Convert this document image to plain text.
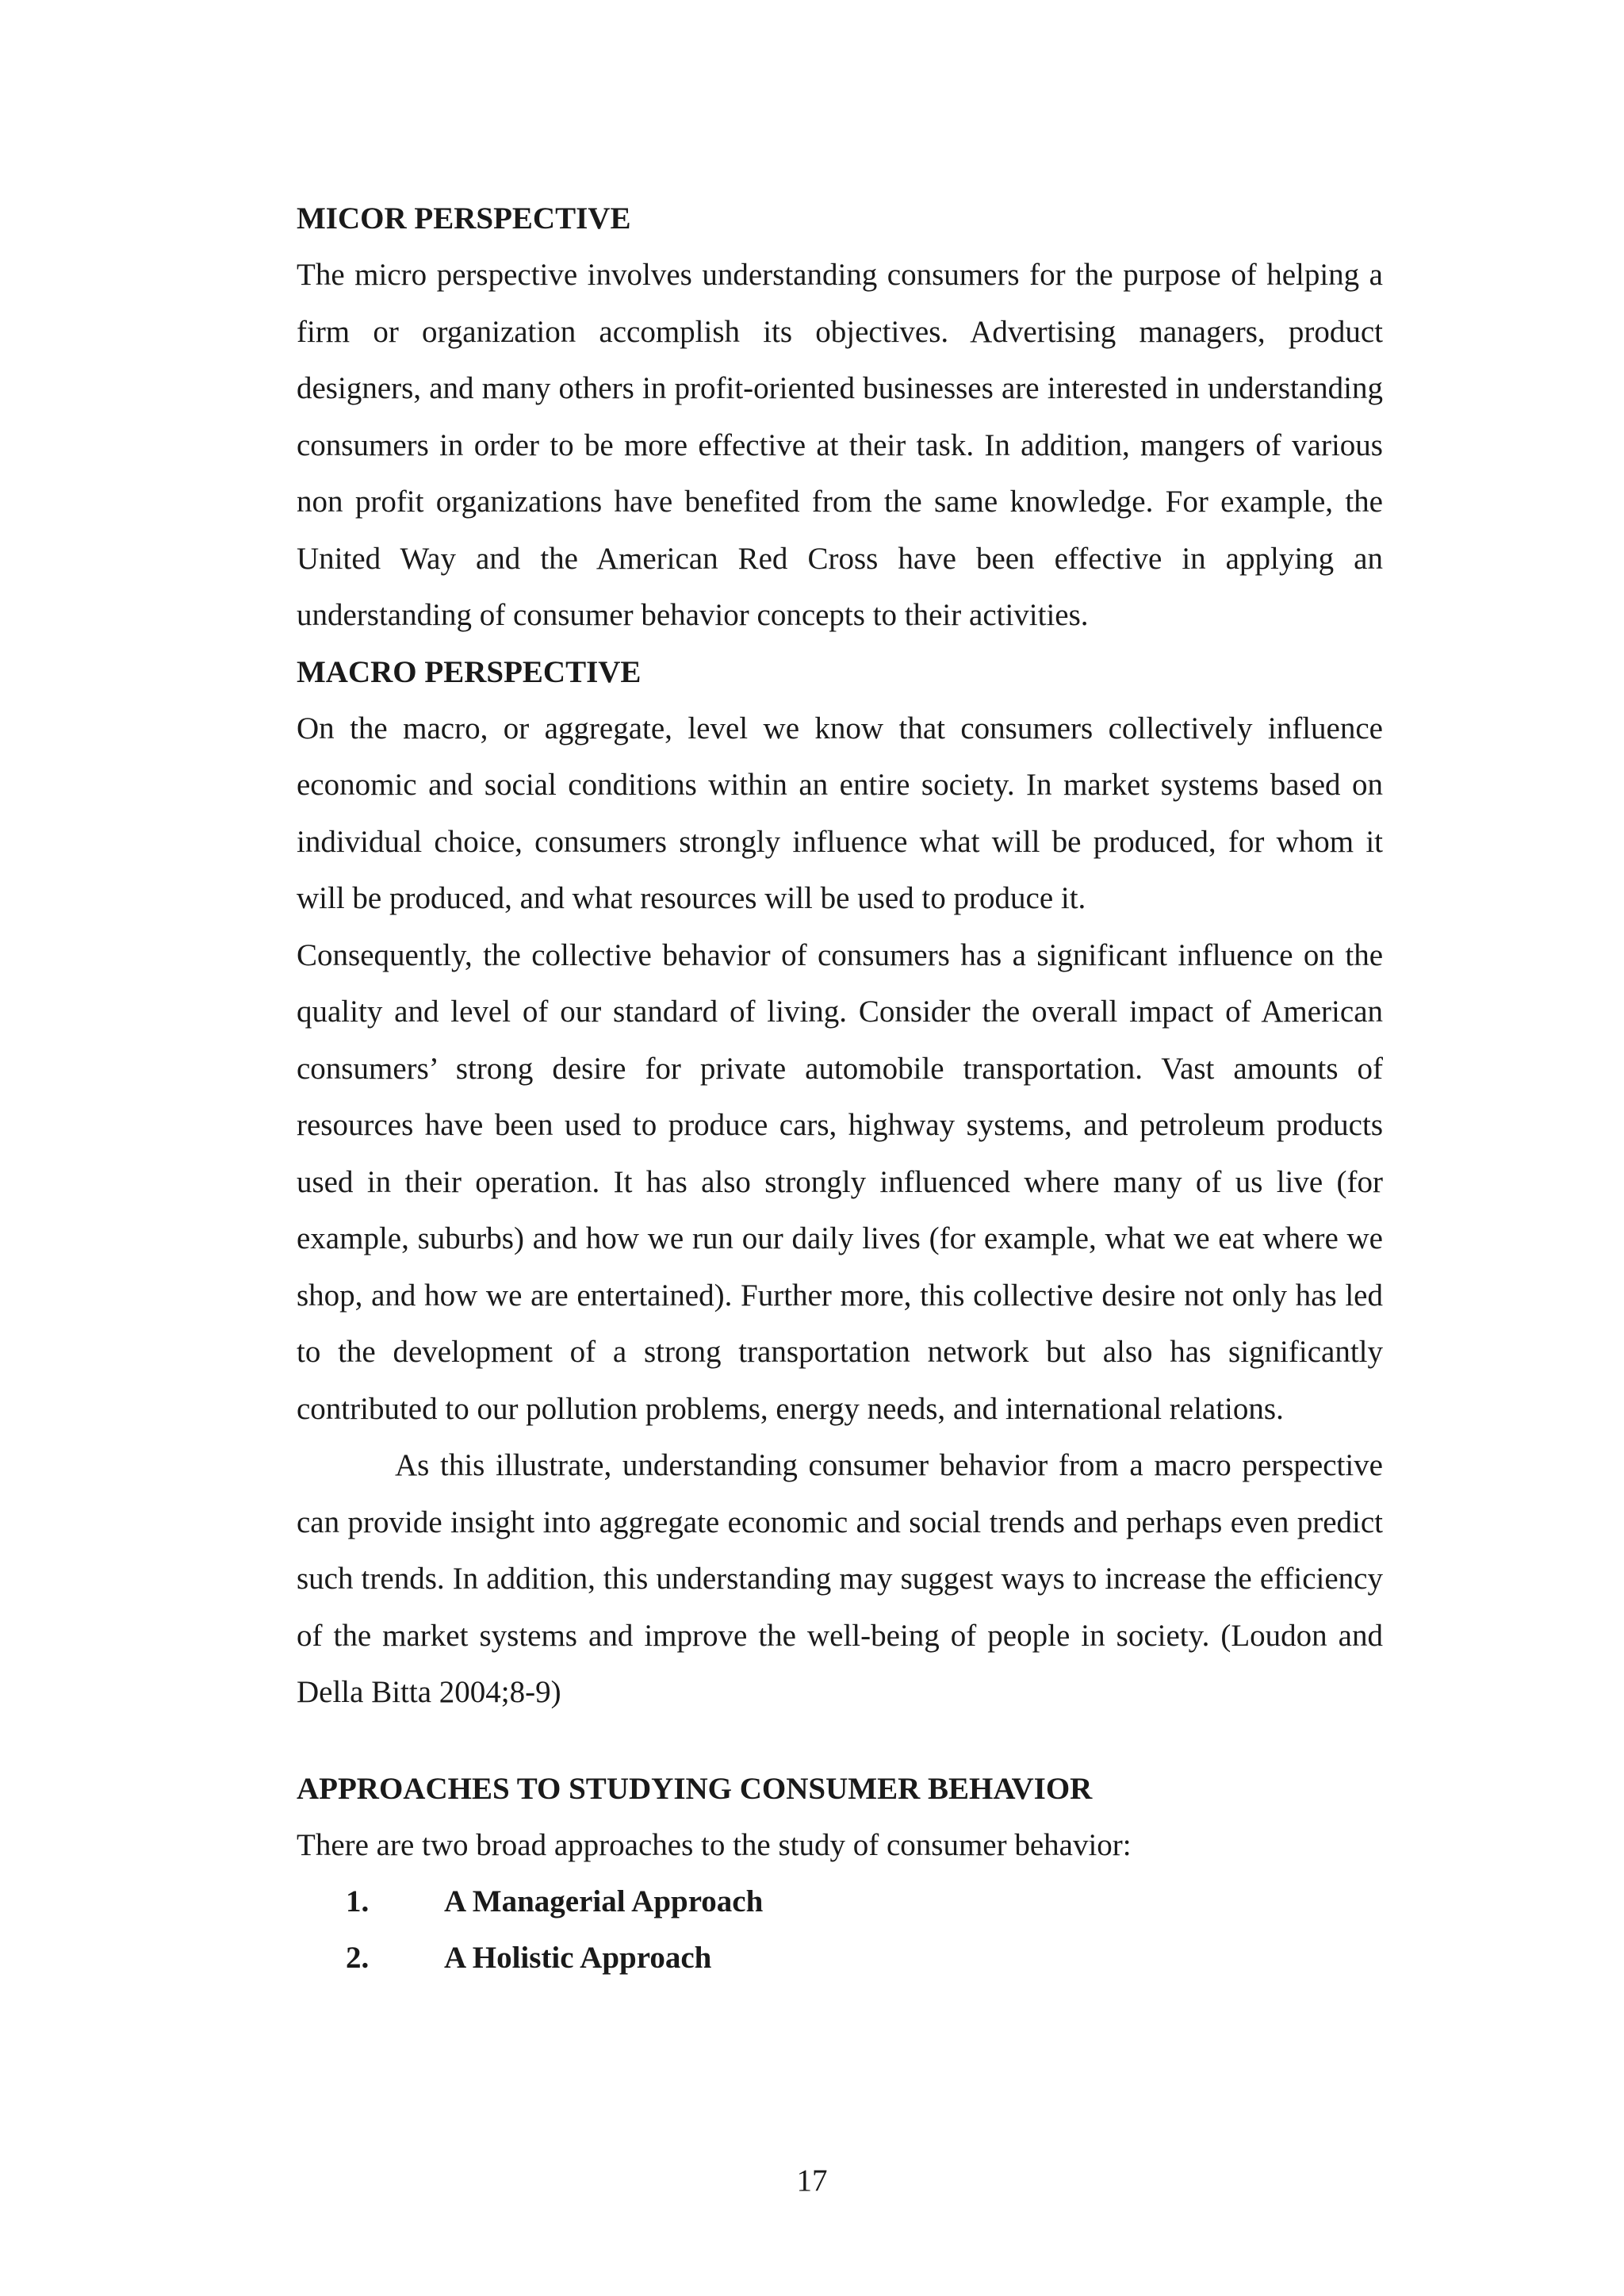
MICOR PERSPECTIVE

The micro perspective involves understanding consumers for the purpose of helping a firm or organization accomplish its objectives. Advertising managers, product designers, and many others in profit-oriented businesses are interested in understanding consumers in order to be more effective at their task. In addition, mangers of various non profit organizations have benefited from the same knowledge. For example, the United Way and the American Red Cross have been effective in applying an understanding of consumer behavior concepts to their activities.

MACRO PERSPECTIVE

On the macro, or aggregate, level we know that consumers collectively influence economic and social conditions within an entire society. In market systems based on individual choice, consumers strongly influence what will be produced, for whom it will be produced, and what resources will be used to produce it.

Consequently, the collective behavior of consumers has a significant influence on the quality and level of our standard of living. Consider the overall impact of American consumers’ strong desire for private automobile transportation. Vast amounts of resources have been used to produce cars, highway systems, and petroleum products used in their operation. It has also strongly influenced where many of us live (for example, suburbs) and how we run our daily lives (for example, what we eat where we shop, and how we are entertained). Further more, this collective desire not only has led to the development of a strong transportation network but also has significantly contributed to our pollution problems, energy needs, and international relations.

As this illustrate, understanding consumer behavior from a macro perspective can provide insight into aggregate economic and social trends and perhaps even predict such trends. In addition, this understanding may suggest ways to increase the efficiency of the market systems and improve the well-being of people in society. (Loudon and Della Bitta 2004;8-9)

APPROACHES TO STUDYING CONSUMER BEHAVIOR

There are two broad approaches to the study of consumer behavior:

1.	A Managerial Approach
2.	A Holistic Approach
17
